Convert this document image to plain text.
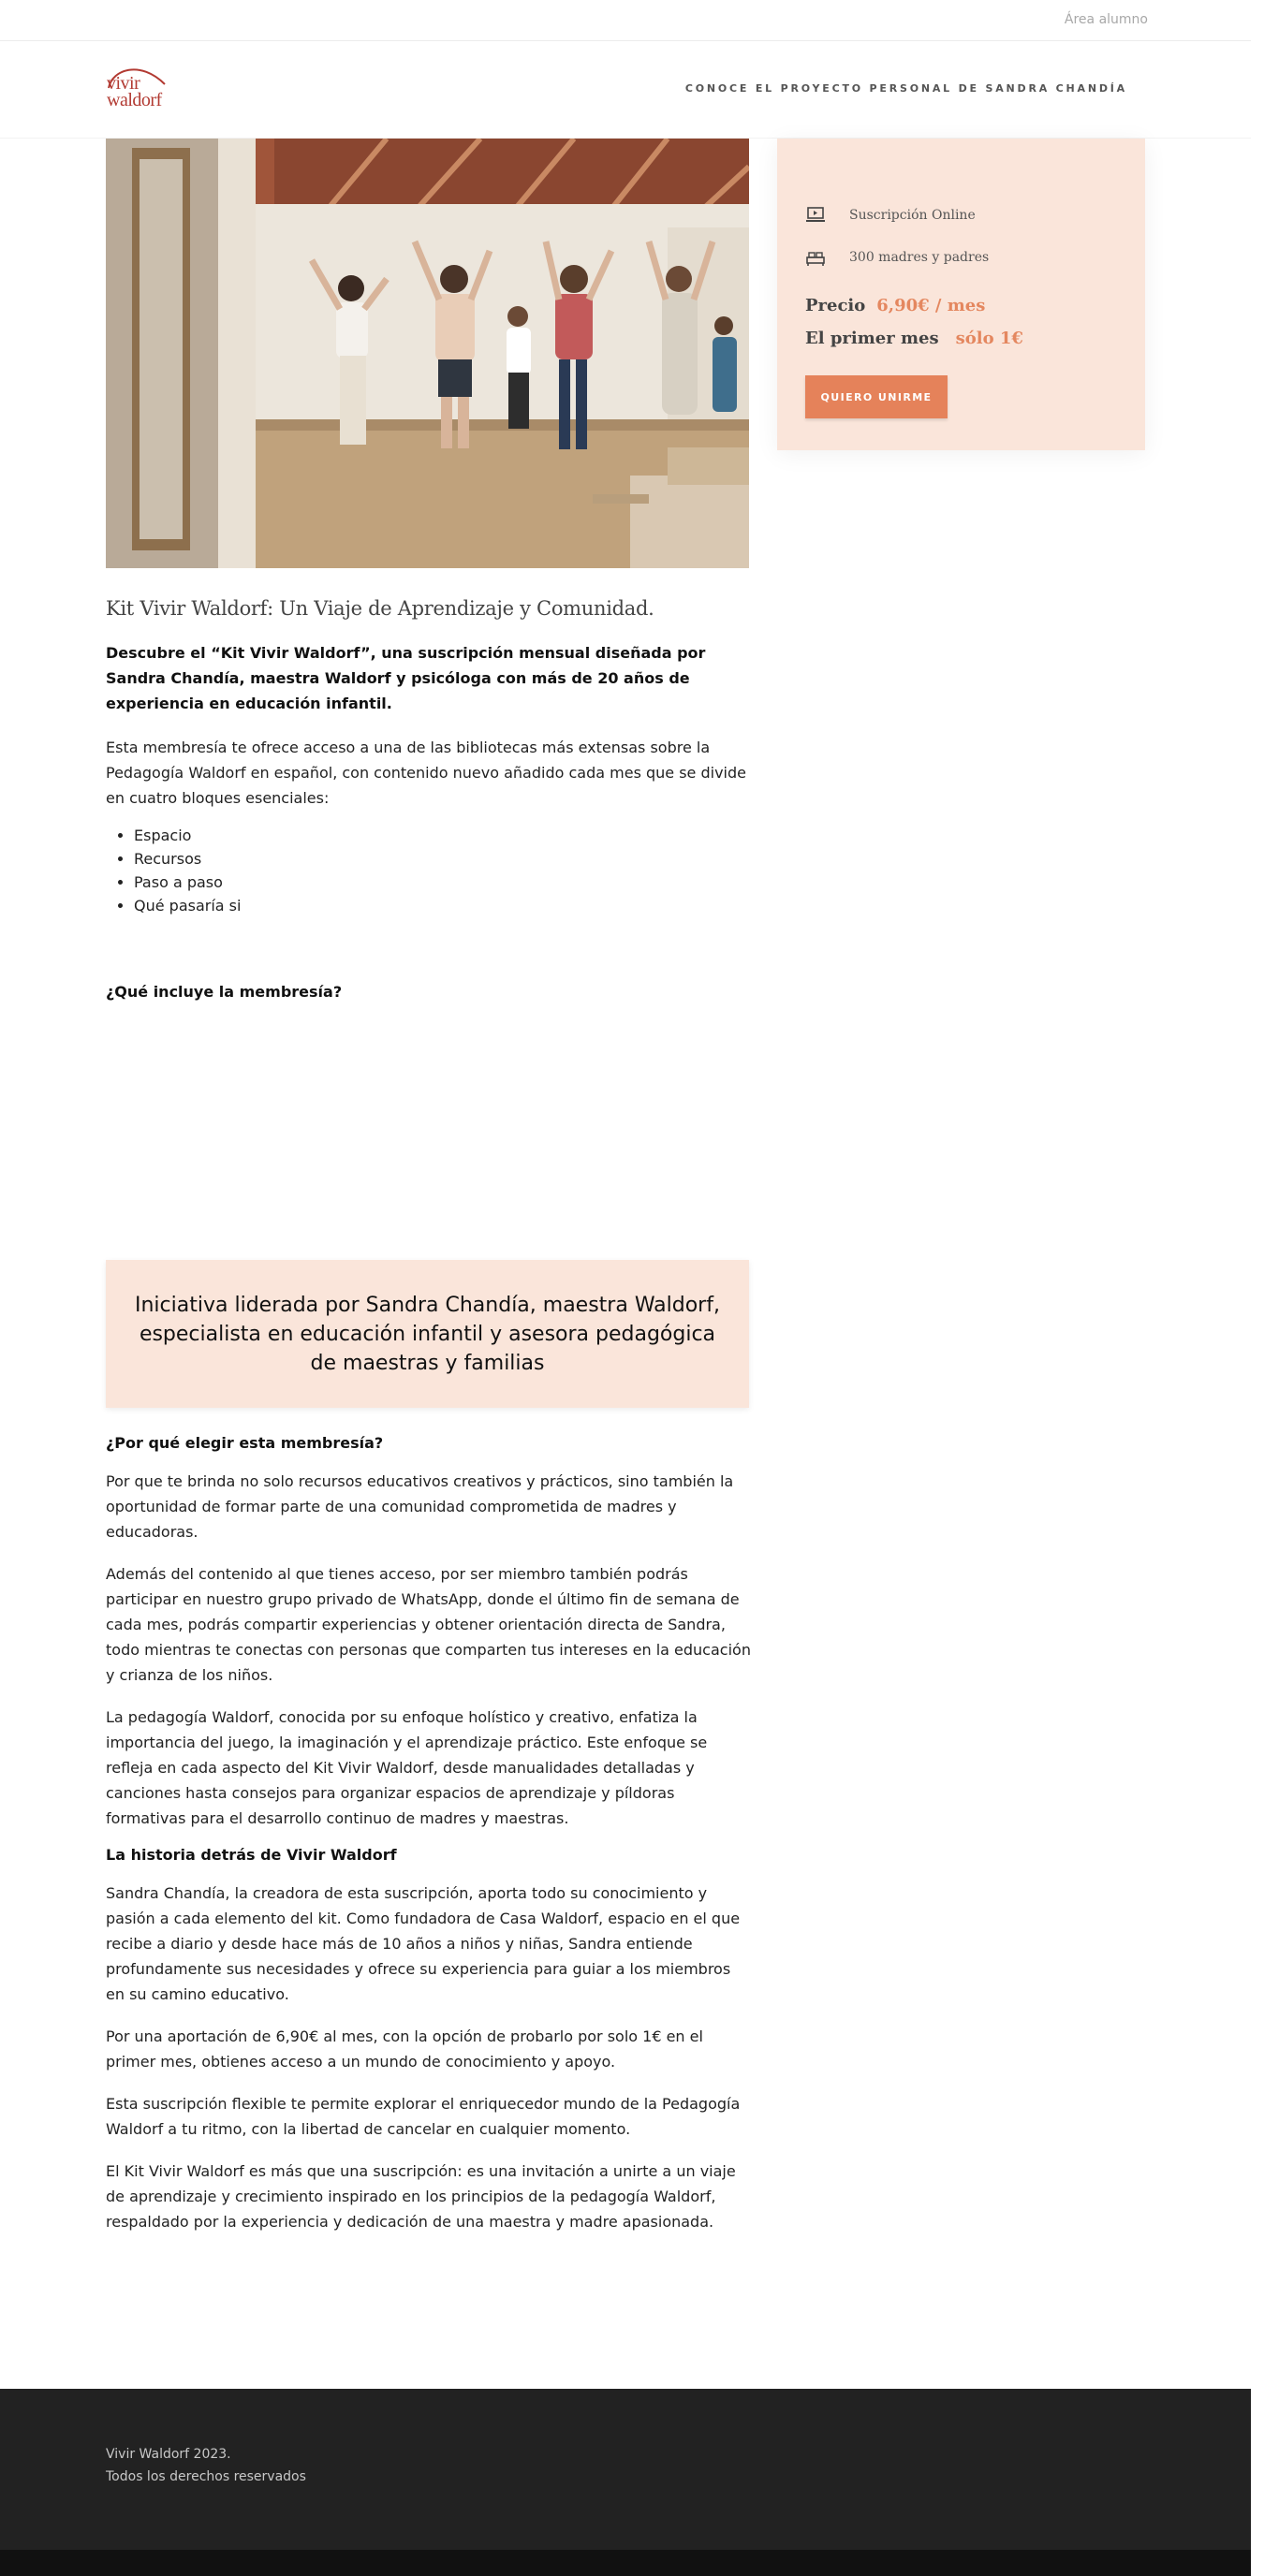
Área alumno
vivir
waldorf
CONOCE EL PROYECTO PERSONAL DE SANDRA CHANDÍA
Kit Vivir Waldorf: Un Viaje de Aprendizaje y Comunidad.

Descubre el “Kit Vivir Waldorf”, una suscripción mensual diseñada por Sandra Chandía, maestra Waldorf y psicóloga con más de 20 años de experiencia en educación infantil.

Esta membresía te ofrece acceso a una de las bibliotecas más extensas sobre la Pedagogía Waldorf en español, con contenido nuevo añadido cada mes que se divide en cuatro bloques esenciales:

• Espacio
• Recursos
• Paso a paso
• Qué pasaría si
¿Qué incluye la membresía?
Iniciativa liderada por Sandra Chandía, maestra Waldorf, especialista en educación infantil y asesora pedagógica de maestras y familias
¿Por qué elegir esta membresía?

Por que te brinda no solo recursos educativos creativos y prácticos, sino también la oportunidad de formar parte de una comunidad comprometida de madres y educadoras.

Además del contenido al que tienes acceso, por ser miembro también podrás participar en nuestro grupo privado de WhatsApp, donde el último fin de semana de cada mes, podrás compartir experiencias y obtener orientación directa de Sandra, todo mientras te conectas con personas que comparten tus intereses en la educación y crianza de los niños.

La pedagogía Waldorf, conocida por su enfoque holístico y creativo, enfatiza la importancia del juego, la imaginación y el aprendizaje práctico. Este enfoque se refleja en cada aspecto del Kit Vivir Waldorf, desde manualidades detalladas y canciones hasta consejos para organizar espacios de aprendizaje y píldoras formativas para el desarrollo continuo de madres y maestras.

La historia detrás de Vivir Waldorf

Sandra Chandía, la creadora de esta suscripción, aporta todo su conocimiento y pasión a cada elemento del kit. Como fundadora de Casa Waldorf, espacio en el que recibe a diario y desde hace más de 10 años a niños y niñas, Sandra entiende profundamente sus necesidades y ofrece su experiencia para guiar a los miembros en su camino educativo.

Por una aportación de 6,90€ al mes, con la opción de probarlo por solo 1€ en el primer mes, obtienes acceso a un mundo de conocimiento y apoyo.

Esta suscripción flexible te permite explorar el enriquecedor mundo de la Pedagogía Waldorf a tu ritmo, con la libertad de cancelar en cualquier momento.

El Kit Vivir Waldorf es más que una suscripción: es una invitación a unirte a un viaje de aprendizaje y crecimiento inspirado en los principios de la pedagogía Waldorf, respaldado por la experiencia y dedicación de una maestra y madre apasionada.

Suscripción Online
300 madres y padres
Precio 6,90€ / mes
El primer mes sólo 1€
QUIERO UNIRME
Vivir Waldorf 2023.
Todos los derechos reservados
